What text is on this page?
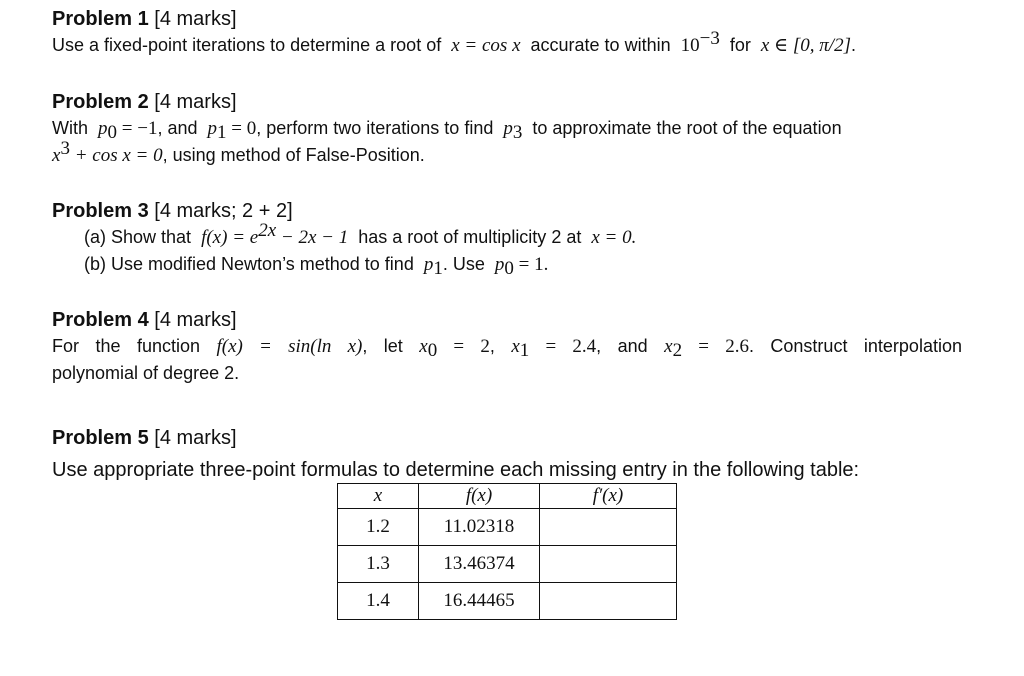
Problem 1 [4 marks]
Use a fixed-point iterations to determine a root of x = cos x accurate to within $10^{-3}$ for x ∈ [0, π/2].
Problem 2 [4 marks]
With $p_0 = -1$, and $p_1 = 0$, perform two iterations to find $p_3$ to approximate the root of the equation
$x^3 + \cos x = 0$, using method of False-Position.
Problem 3 [4 marks; 2 + 2]
(a) Show that $f(x) = e^{2x} - 2x - 1$ has a root of multiplicity 2 at x = 0.
(b) Use modified Newton’s method to find $p_1$. Use $p_0 = 1$.
Problem 4 [4 marks]
For the function f(x) = sin(ln x), let $x_0 = 2$, $x_1 = 2.4$, and $x_2 = 2.6$. Construct interpolation
polynomial of degree 2.
Problem 5 [4 marks]
Use appropriate three-point formulas to determine each missing entry in the following table:
x	f(x)	f′(x)
1.2	11.02318	
1.3	13.46374	
1.4	16.44465	
